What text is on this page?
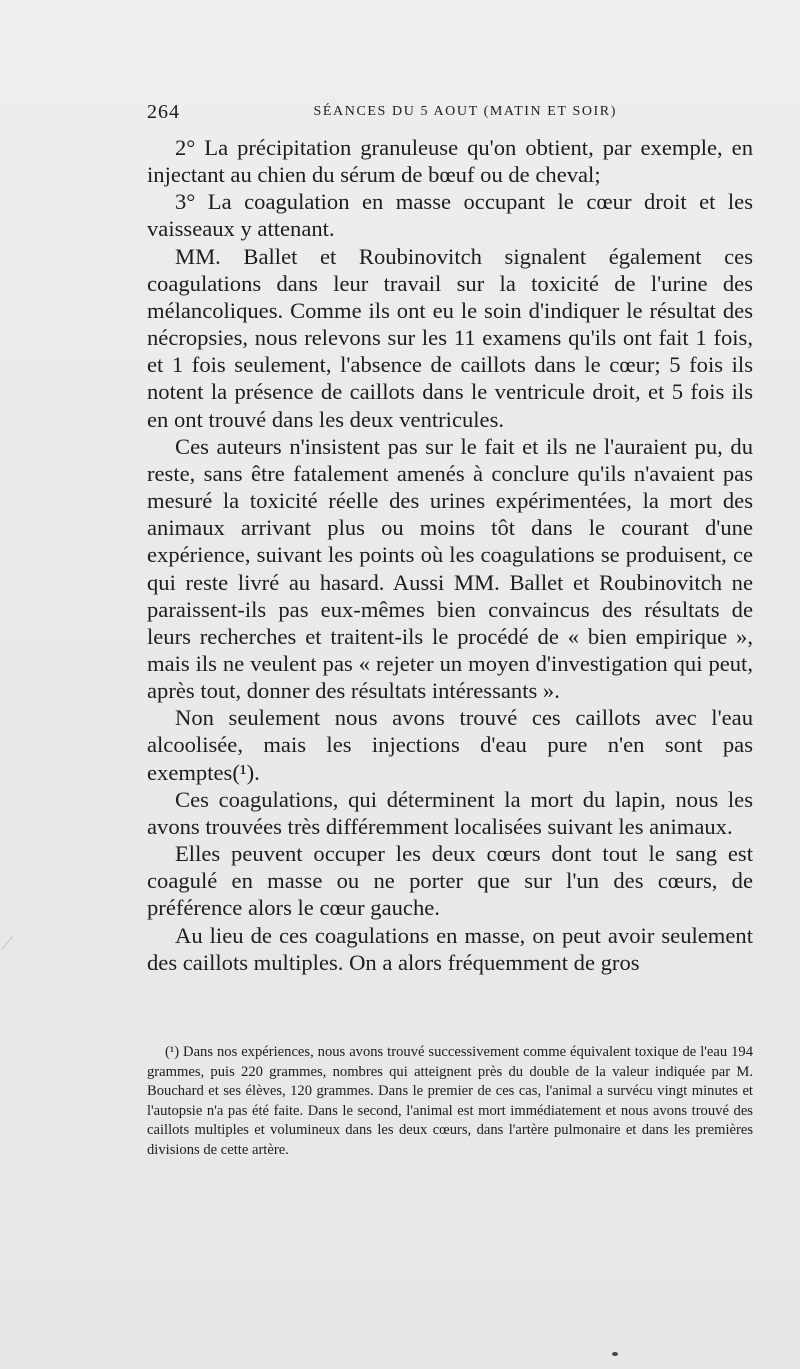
264	SÉANCES DU 5 AOUT (MATIN ET SOIR)

2° La précipitation granuleuse qu'on obtient, par exemple, en injectant au chien du sérum de bœuf ou de cheval;

3° La coagulation en masse occupant le cœur droit et les vaisseaux y attenant.

MM. Ballet et Roubinovitch signalent également ces coagulations dans leur travail sur la toxicité de l'urine des mélancoliques. Comme ils ont eu le soin d'indiquer le résultat des nécropsies, nous relevons sur les 11 examens qu'ils ont fait 1 fois, et 1 fois seulement, l'absence de caillots dans le cœur; 5 fois ils notent la présence de caillots dans le ventricule droit, et 5 fois ils en ont trouvé dans les deux ventricules.

Ces auteurs n'insistent pas sur le fait et ils ne l'auraient pu, du reste, sans être fatalement amenés à conclure qu'ils n'avaient pas mesuré la toxicité réelle des urines expérimentées, la mort des animaux arrivant plus ou moins tôt dans le courant d'une expérience, suivant les points où les coagulations se produisent, ce qui reste livré au hasard. Aussi MM. Ballet et Roubinovitch ne paraissent-ils pas eux-mêmes bien convaincus des résultats de leurs recherches et traitent-ils le procédé de « bien empirique », mais ils ne veulent pas « rejeter un moyen d'investigation qui peut, après tout, donner des résultats intéressants ».

Non seulement nous avons trouvé ces caillots avec l'eau alcoolisée, mais les injections d'eau pure n'en sont pas exemptes(¹).

Ces coagulations, qui déterminent la mort du lapin, nous les avons trouvées très différemment localisées suivant les animaux.

Elles peuvent occuper les deux cœurs dont tout le sang est coagulé en masse ou ne porter que sur l'un des cœurs, de préférence alors le cœur gauche.

Au lieu de ces coagulations en masse, on peut avoir seulement des caillots multiples. On a alors fréquemment de gros

(¹) Dans nos expériences, nous avons trouvé successivement comme équivalent toxique de l'eau 194 grammes, puis 220 grammes, nombres qui atteignent près du double de la valeur indiquée par M. Bouchard et ses élèves, 120 grammes. Dans le premier de ces cas, l'animal a survécu vingt minutes et l'autopsie n'a pas été faite. Dans le second, l'animal est mort immédiatement et nous avons trouvé des caillots multiples et volumineux dans les deux cœurs, dans l'artère pulmonaire et dans les premières divisions de cette artère.
